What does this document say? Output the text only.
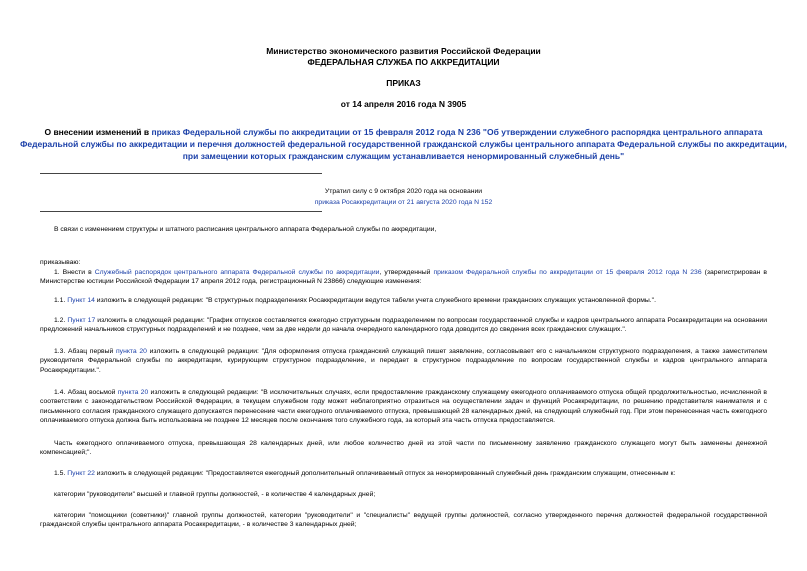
Министерство экономического развития Российской Федерации
ФЕДЕРАЛЬНАЯ СЛУЖБА ПО АККРЕДИТАЦИИ
ПРИКАЗ
от 14 апреля 2016 года N 3905
О внесении изменений в приказ Федеральной службы по аккредитации от 15 февраля 2012 года N 236 "Об утверждении служебного распорядка центрального аппарата Федеральной службы по аккредитации и перечня должностей федеральной государственной гражданской службы центрального аппарата Федеральной службы по аккредитации, при замещении которых гражданским служащим устанавливается ненормированный служебный день"
Утратил силу с 9 октября 2020 года на основании
приказа Росаккредитации от 21 августа 2020 года N 152
В связи с изменением структуры и штатного расписания центрального аппарата Федеральной службы по аккредитации,
приказываю:
1. Внести в Служебный распорядок центрального аппарата Федеральной службы по аккредитации, утвержденный приказом Федеральной службы по аккредитации от 15 февраля 2012 года N 236 (зарегистрирован в Министерстве юстиции Российской Федерации 17 апреля 2012 года, регистрационный N 23866) следующие изменения:
1.1. Пункт 14 изложить в следующей редакции: "В структурных подразделениях Росаккредитации ведутся табели учета служебного времени гражданских служащих установленной формы.".
1.2. Пункт 17 изложить в следующей редакции: "График отпусков составляется ежегодно структурным подразделением по вопросам государственной службы и кадров центрального аппарата Росаккредитации на основании предложений начальников структурных подразделений и не позднее, чем за две недели до начала очередного календарного года доводится до сведения всех гражданских служащих.".
1.3. Абзац первый пункта 20 изложить в следующей редакции: "Для оформления отпуска гражданский служащий пишет заявление, согласовывает его с начальником структурного подразделения, а также заместителем руководителя Федеральной службы по аккредитации, курирующим структурное подразделение, и передает в структурное подразделение по вопросам государственной службы и кадров центрального аппарата Росаккредитации.".
1.4. Абзац восьмой пункта 20 изложить в следующей редакции: "В исключительных случаях, если предоставление гражданскому служащему ежегодного оплачиваемого отпуска общей продолжительностью, исчисленной в соответствии с законодательством Российской Федерации, в текущем служебном году может неблагоприятно отразиться на осуществлении задач и функций Росаккредитации, по решению представителя нанимателя и с письменного согласия гражданского служащего допускается перенесение части ежегодного оплачиваемого отпуска, превышающей 28 календарных дней, на следующий служебный год. При этом перенесенная часть ежегодного оплачиваемого отпуска должна быть использована не позднее 12 месяцев после окончания того служебного года, за который эта часть отпуска предоставляется.
Часть ежегодного оплачиваемого отпуска, превышающая 28 календарных дней, или любое количество дней из этой части по письменному заявлению гражданского служащего могут быть заменены денежной компенсацией;".
1.5. Пункт 22 изложить в следующей редакции: "Предоставляется ежегодный дополнительный оплачиваемый отпуск за ненормированный служебный день гражданским служащим, отнесенным к:
категории "руководители" высшей и главной группы должностей, - в количестве 4 календарных дней;
категории "помощники (советники)" главной группы должностей, категории "руководители" и "специалисты" ведущей группы должностей, согласно утвержденного перечня должностей федеральной государственной гражданской службы центрального аппарата Росаккредитации, - в количестве 3 календарных дней;
